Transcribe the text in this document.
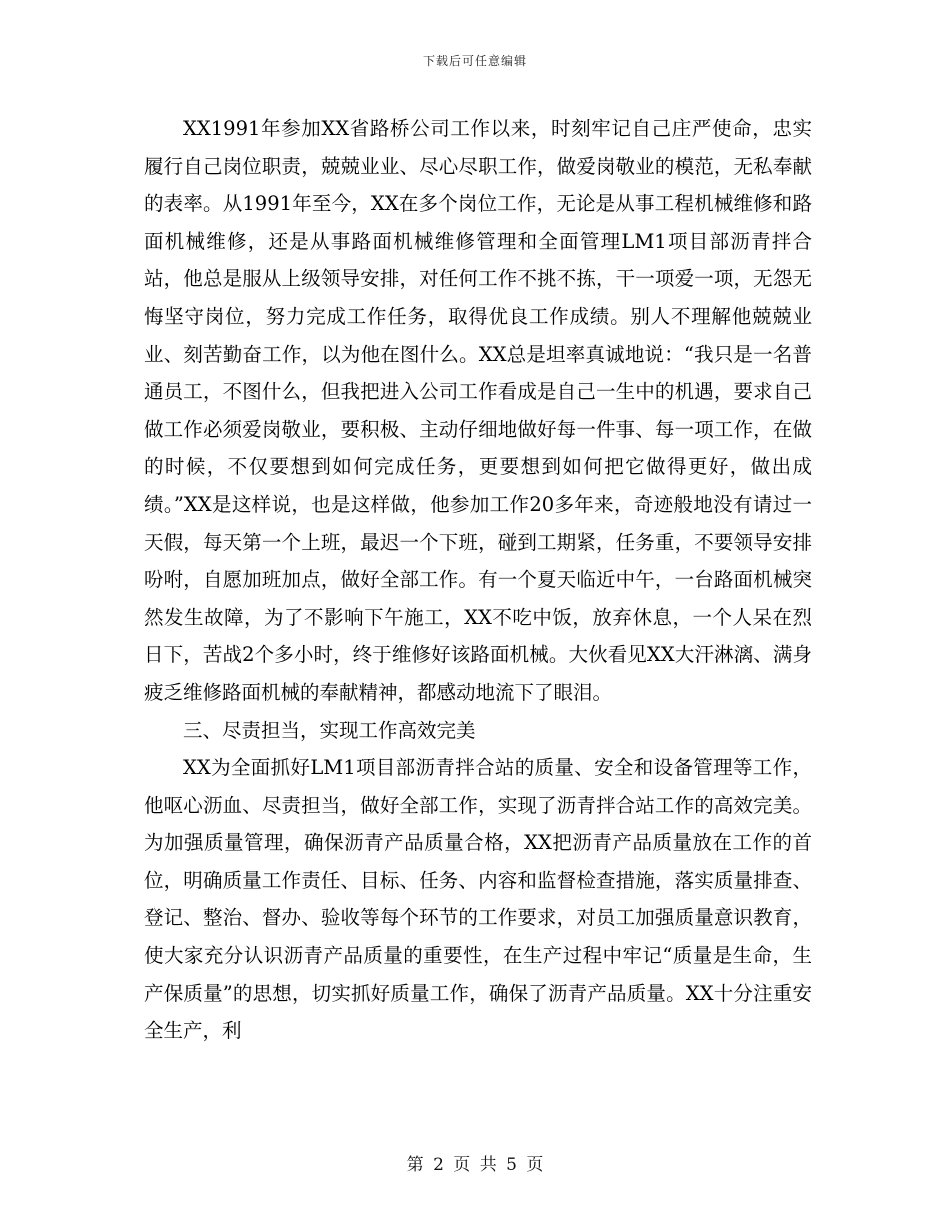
下载后可任意编辑

XX1991年参加XX省路桥公司工作以来，时刻牢记自己庄严使命，忠实履行自己岗位职责，兢兢业业、尽心尽职工作，做爱岗敬业的模范，无私奉献的表率。从1991年至今，XX在多个岗位工作，无论是从事工程机械维修和路面机械维修，还是从事路面机械维修管理和全面管理LM1项目部沥青拌合站，他总是服从上级领导安排，对任何工作不挑不拣，干一项爱一项，无怨无悔坚守岗位，努力完成工作任务，取得优良工作成绩。别人不理解他兢兢业业、刻苦勤奋工作，以为他在图什么。XX总是坦率真诚地说：“我只是一名普通员工，不图什么，但我把进入公司工作看成是自己一生中的机遇，要求自己做工作必须爱岗敬业，要积极、主动仔细地做好每一件事、每一项工作，在做的时候，不仅要想到如何完成任务，更要想到如何把它做得更好，做出成绩。”XX是这样说，也是这样做，他参加工作20多年来，奇迹般地没有请过一天假，每天第一个上班，最迟一个下班，碰到工期紧，任务重，不要领导安排吩咐，自愿加班加点，做好全部工作。有一个夏天临近中午，一台路面机械突然发生故障，为了不影响下午施工，XX不吃中饭，放弃休息，一个人呆在烈日下，苦战2个多小时，终于维修好该路面机械。大伙看见XX大汗淋漓、满身疲乏维修路面机械的奉献精神，都感动地流下了眼泪。

三、尽责担当，实现工作高效完美

XX为全面抓好LM1项目部沥青拌合站的质量、安全和设备管理等工作，他呕心沥血、尽责担当，做好全部工作，实现了沥青拌合站工作的高效完美。为加强质量管理，确保沥青产品质量合格，XX把沥青产品质量放在工作的首位，明确质量工作责任、目标、任务、内容和监督检查措施，落实质量排查、登记、整治、督办、验收等每个环节的工作要求，对员工加强质量意识教育，使大家充分认识沥青产品质量的重要性，在生产过程中牢记“质量是生命，生产保质量”的思想，切实抓好质量工作，确保了沥青产品质量。XX十分注重安全生产，利

第 2 页 共 5 页
